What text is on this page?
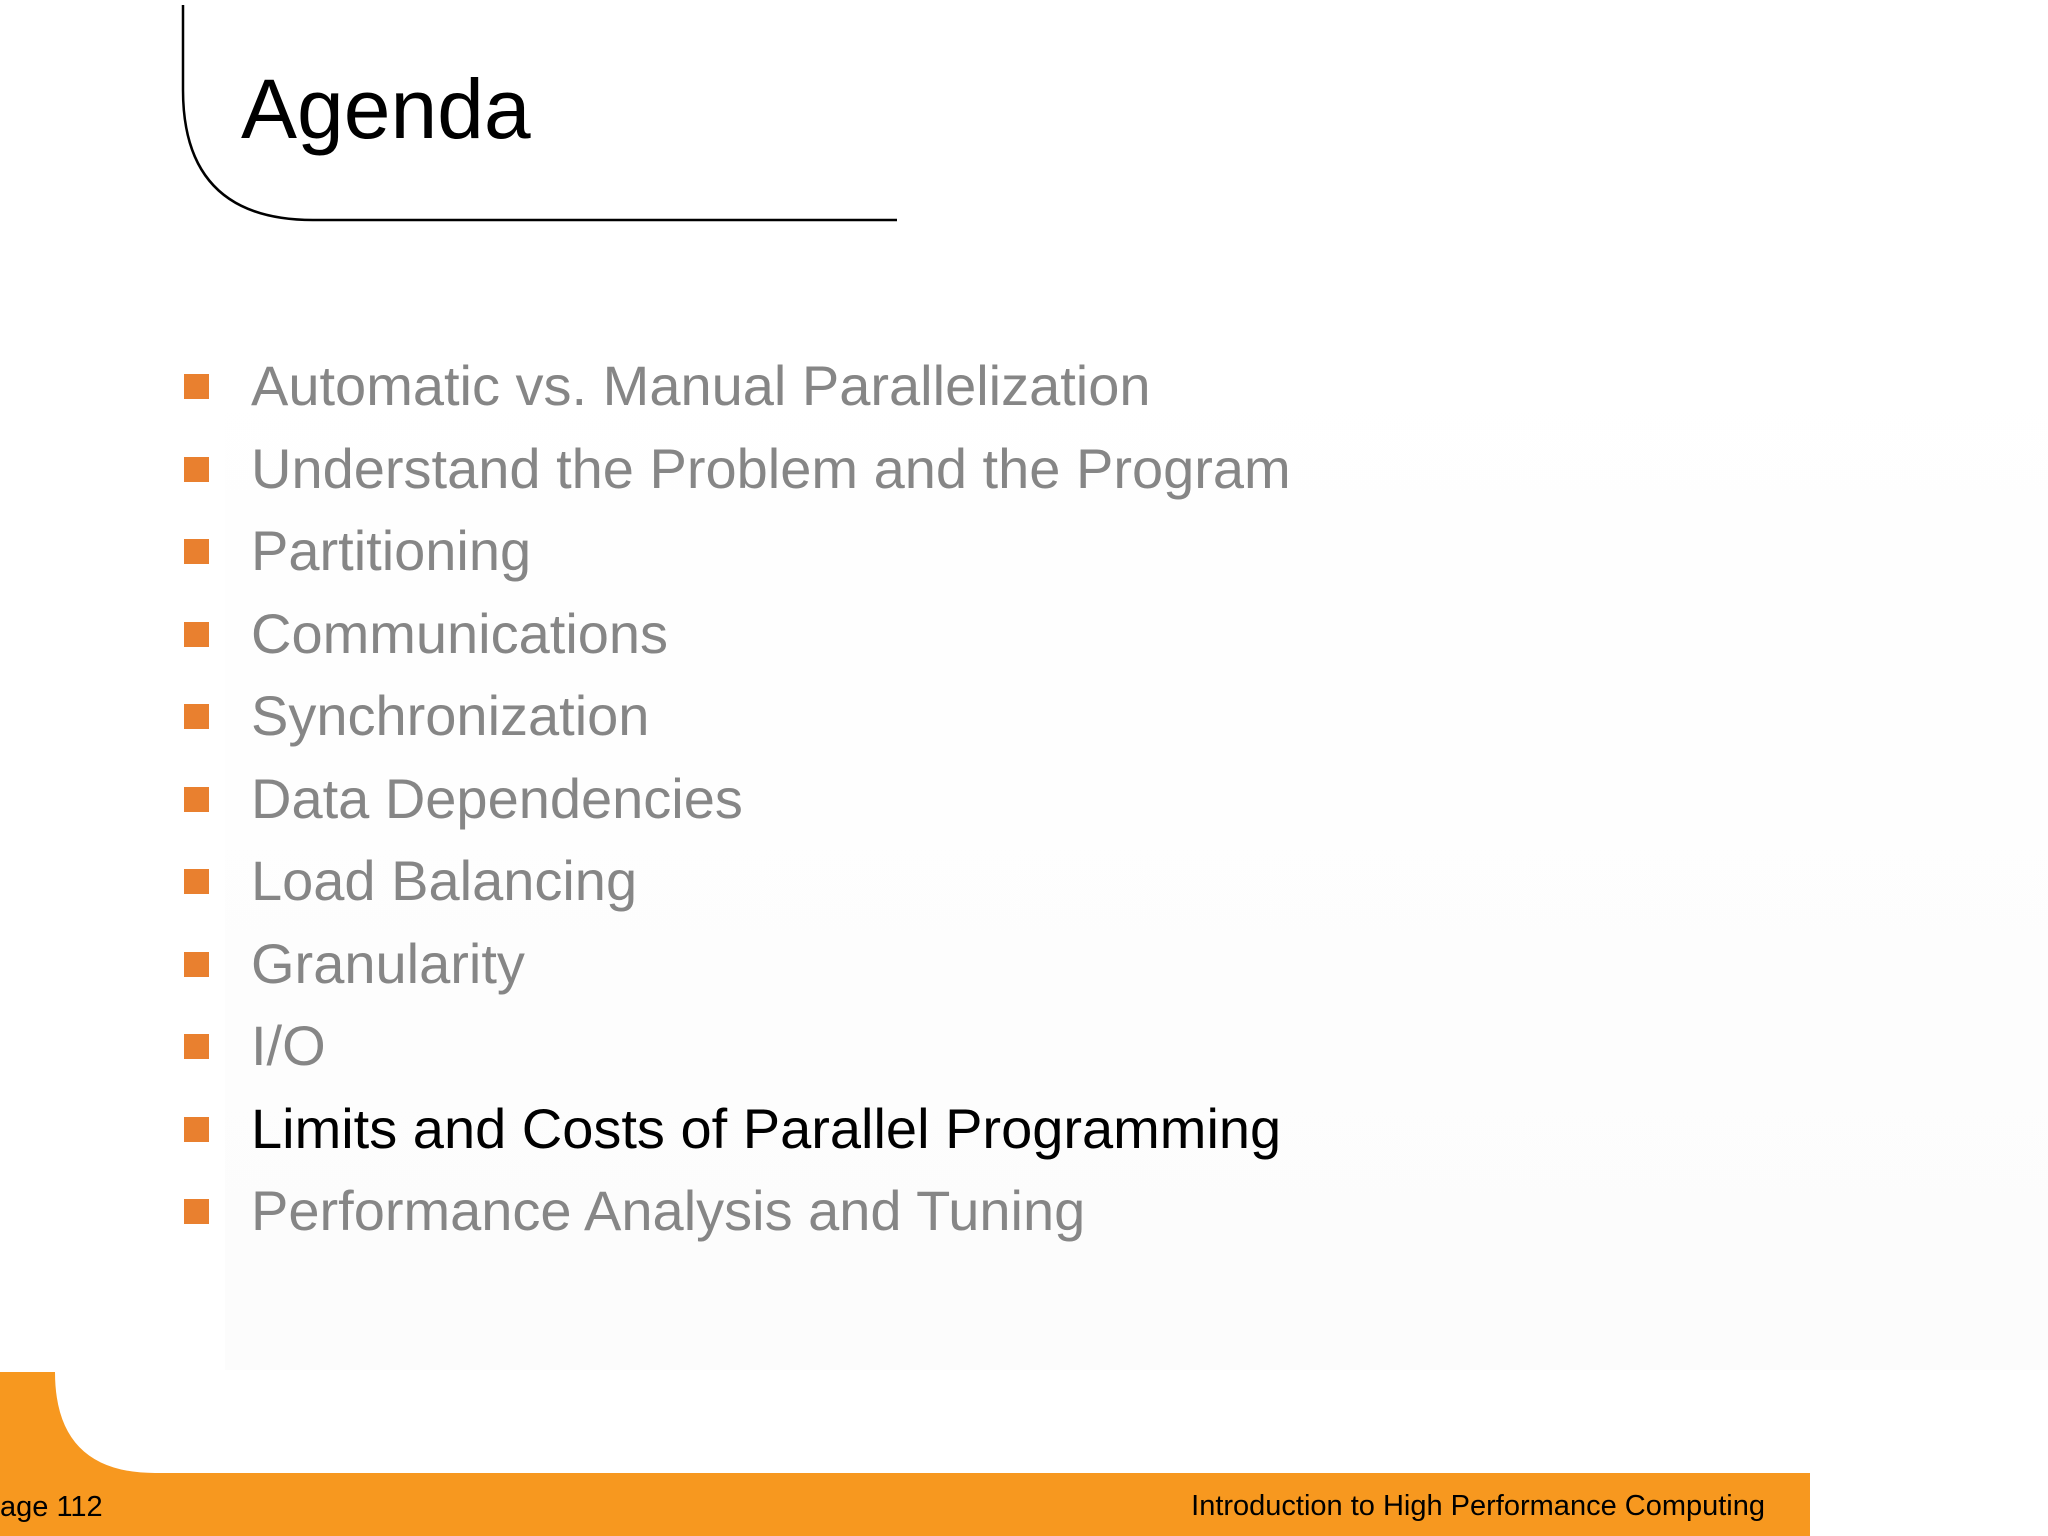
Agenda
Automatic vs. Manual Parallelization
Understand the Problem and the Program
Partitioning
Communications
Synchronization
Data Dependencies
Load Balancing
Granularity
I/O
Limits and Costs of Parallel Programming
Performance Analysis and Tuning
age 112	Introduction to High Performance Computing
